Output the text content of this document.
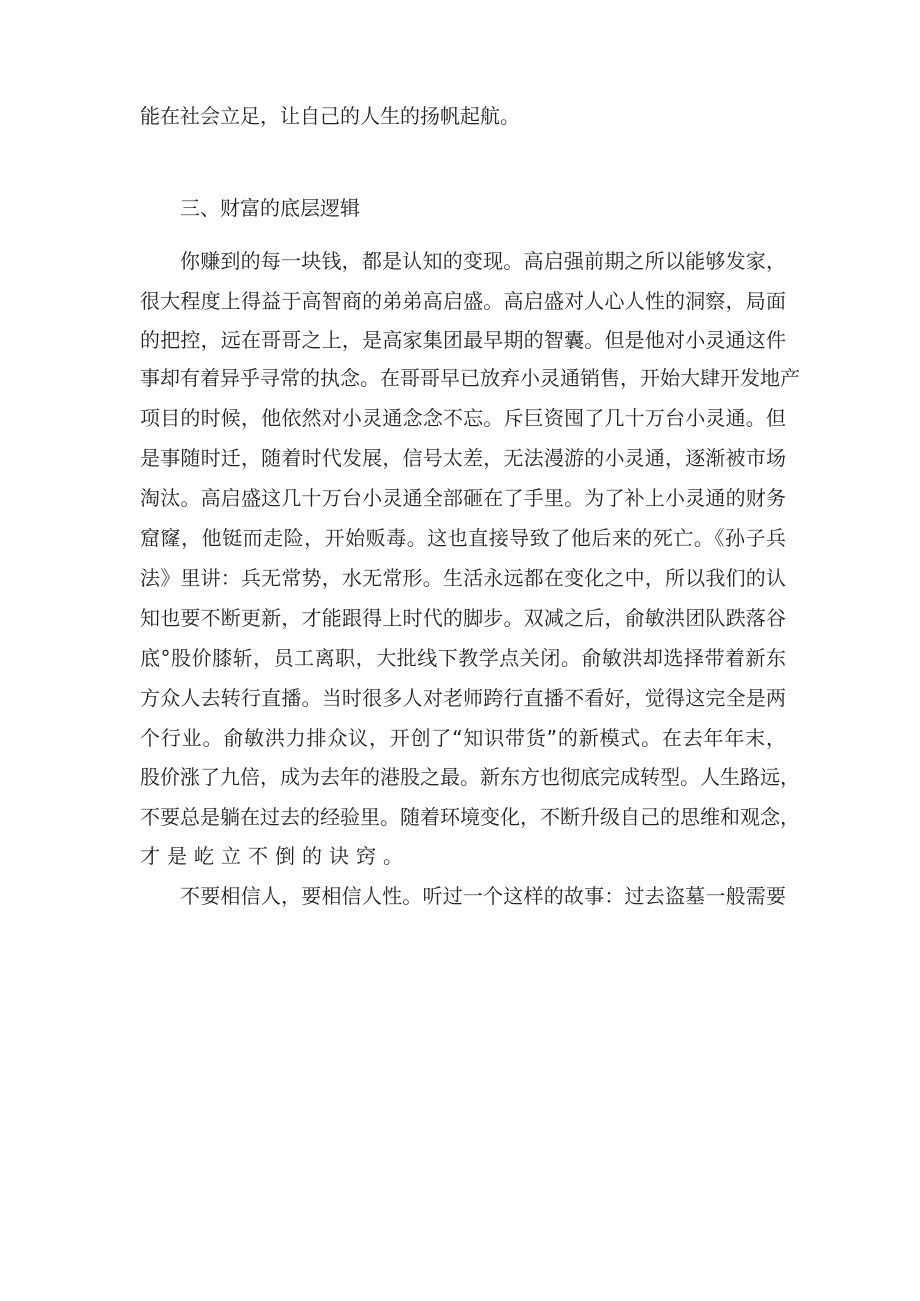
能在社会立足，让自己的人生的扬帆起航。
三、财富的底层逻辑
你赚到的每一块钱，都是认知的变现。高启强前期之所以能够发家，
很大程度上得益于高智商的弟弟高启盛。高启盛对人心人性的洞察，局面
的把控，远在哥哥之上，是高家集团最早期的智囊。但是他对小灵通这件
事却有着异乎寻常的执念。在哥哥早已放弃小灵通销售，开始大肆开发地产
项目的时候，他依然对小灵通念念不忘。斥巨资囤了几十万台小灵通。但
是事随时迁，随着时代发展，信号太差，无法漫游的小灵通，逐渐被市场
淘汰。高启盛这几十万台小灵通全部砸在了手里。为了补上小灵通的财务
窟窿，他铤而走险，开始贩毒。这也直接导致了他后来的死亡。《孙子兵
法》里讲：兵无常势，水无常形。生活永远都在变化之中，所以我们的认
知也要不断更新，才能跟得上时代的脚步。双减之后，俞敏洪团队跌落谷
底°股价膝斩，员工离职，大批线下教学点关闭。俞敏洪却选择带着新东
方众人去转行直播。当时很多人对老师跨行直播不看好，觉得这完全是两
个行业。俞敏洪力排众议，开创了“知识带货”的新模式。在去年年末，
股价涨了九倍，成为去年的港股之最。新东方也彻底完成转型。人生路远，
不要总是躺在过去的经验里。随着环境变化，不断升级自己的思维和观念，
才是屹立不倒的诀窍。
不要相信人，要相信人性。听过一个这样的故事：过去盗墓一般需要
